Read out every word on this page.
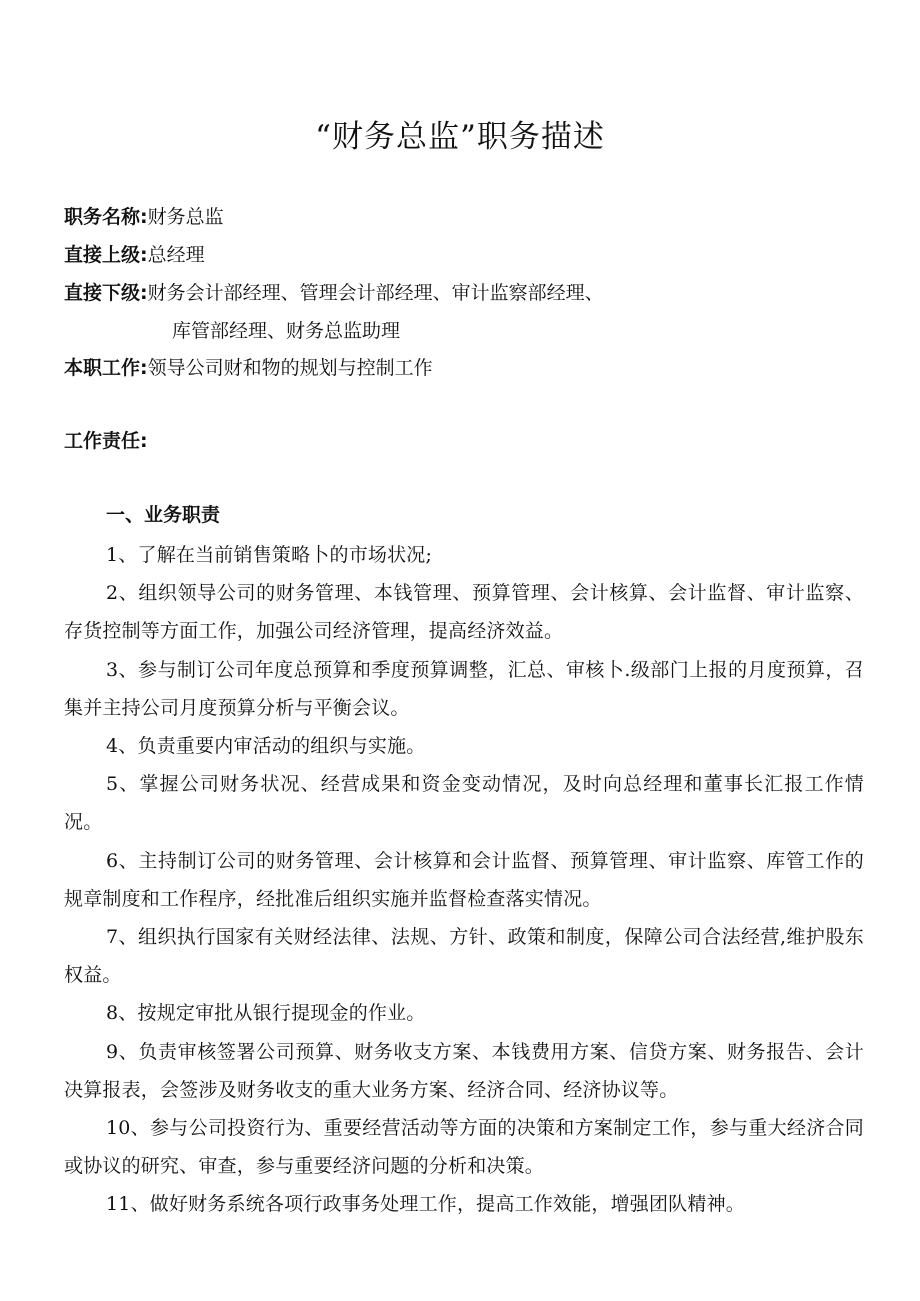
“财务总监”职务描述
职务名称:财务总监
直接上级:总经理
直接下级:财务会计部经理、管理会计部经理、审计监察部经理、
库管部经理、财务总监助理
本职工作:领导公司财和物的规划与控制工作
工作责任:
一、业务职责
1、了解在当前销售策略卜的市场状况;
2、组织领导公司的财务管理、本钱管理、预算管理、会计核算、会计监督、审计监察、存货控制等方面工作，加强公司经济管理，提高经济效益。
3、参与制订公司年度总预算和季度预算调整，汇总、审核卜.级部门上报的月度预算，召集并主持公司月度预算分析与平衡会议。
4、负责重要内审活动的组织与实施。
5、掌握公司财务状况、经营成果和资金变动情况，及时向总经理和董事长汇报工作情况。
6、主持制订公司的财务管理、会计核算和会计监督、预算管理、审计监察、库管工作的规章制度和工作程序，经批准后组织实施并监督检查落实情况。
7、组织执行国家有关财经法律、法规、方针、政策和制度，保障公司合法经营,维护股东权益。
8、按规定审批从银行提现金的作业。
9、负责审核签署公司预算、财务收支方案、本钱费用方案、信贷方案、财务报告、会计决算报表，会签涉及财务收支的重大业务方案、经济合同、经济协议等。
10、参与公司投资行为、重要经营活动等方面的决策和方案制定工作，参与重大经济合同或协议的研究、审查，参与重要经济问题的分析和决策。
11、做好财务系统各项行政事务处理工作，提高工作效能，增强团队精神。
